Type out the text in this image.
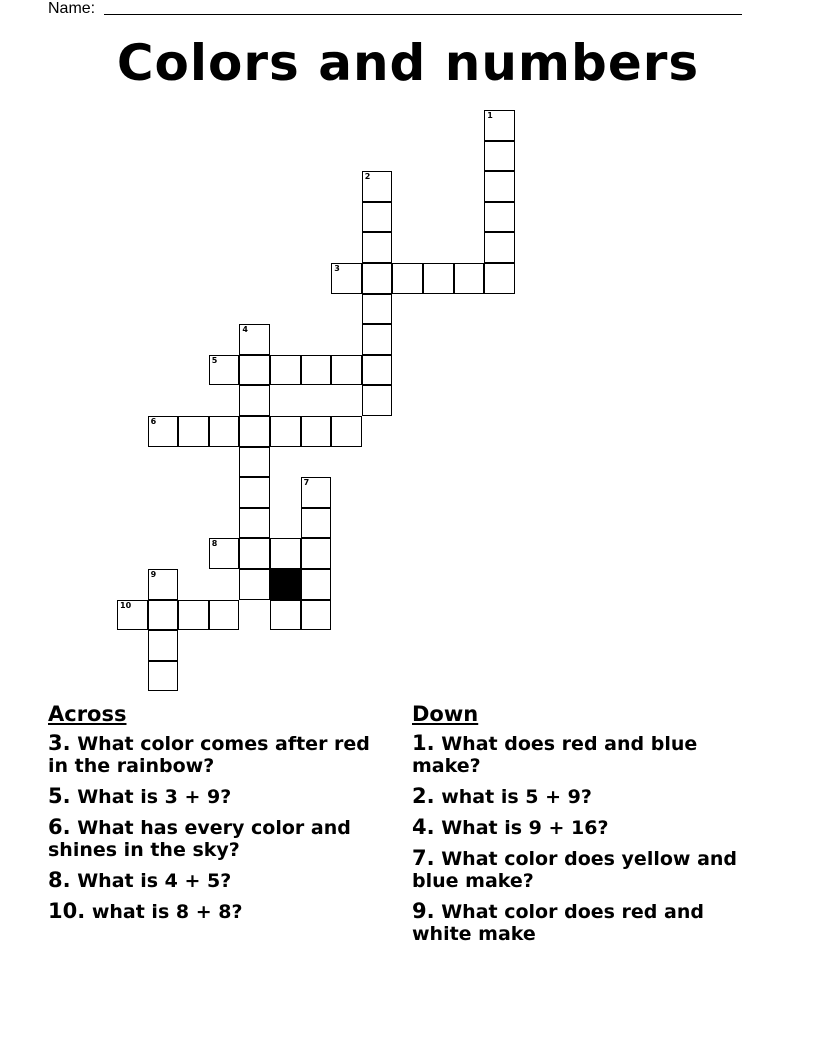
Name:
Colors and numbers
1
2
3
4
5
6
7
8
9
10
Across
3. What color comes after red in the rainbow?
5. What is 3 + 9?
6. What has every color and shines in the sky?
8. What is 4 + 5?
10. what is 8 + 8?
Down
1. What does red and blue make?
2. what is 5 + 9?
4. What is 9 + 16?
7. What color does yellow and blue make?
9. What color does red and white make
